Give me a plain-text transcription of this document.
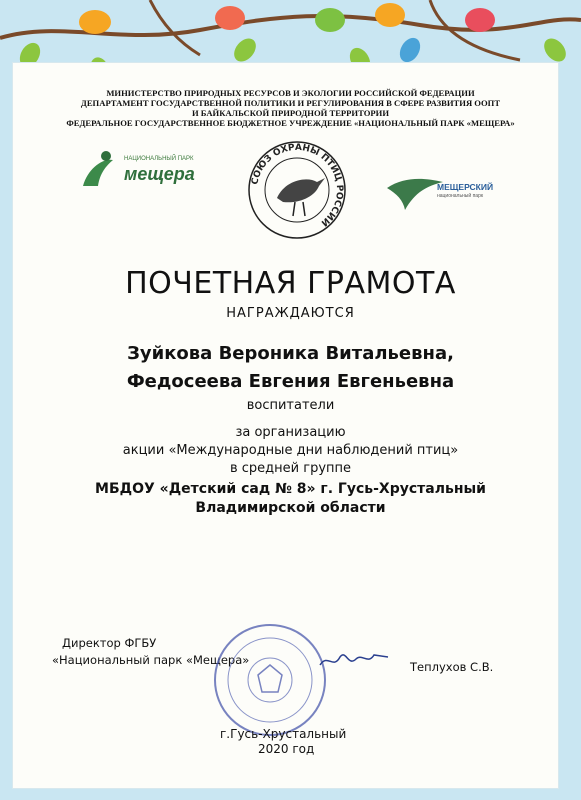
МИНИСТЕРСТВО ПРИРОДНЫХ РЕСУРСОВ И ЭКОЛОГИИ РОССИЙСКОЙ ФЕДЕРАЦИИ
ДЕПАРТАМЕНТ ГОСУДАРСТВЕННОЙ ПОЛИТИКИ И РЕГУЛИРОВАНИЯ В СФЕРЕ РАЗВИТИЯ ООПТ
И БАЙКАЛЬСКОЙ ПРИРОДНОЙ ТЕРРИТОРИИ
ФЕДЕРАЛЬНОЕ ГОСУДАРСТВЕННОЕ БЮДЖЕТНОЕ УЧРЕЖДЕНИЕ «НАЦИОНАЛЬНЫЙ ПАРК «МЕЩЕРА»
НАЦИОНАЛЬНЫЙ ПАРК
мещера	СОЮЗ ОХРАНЫ ПТИЦ РОССИИ
МЕЩЕРСКИЙ
национальный парк
ПОЧЕТНАЯ ГРАМОТА
НАГРАЖДАЮТСЯ
Зуйкова Вероника Витальевна,
Федосеева Евгения Евгеньевна
воспитатели
за организацию
акции «Международные дни наблюдений птиц»
в средней группе
МБДОУ «Детский сад № 8» г. Гусь-Хрустальный
Владимирской области
Директор ФГБУ
«Национальный парк «Мещера»	Теплухов С.В.
г.Гусь-Хрустальный
2020 год
